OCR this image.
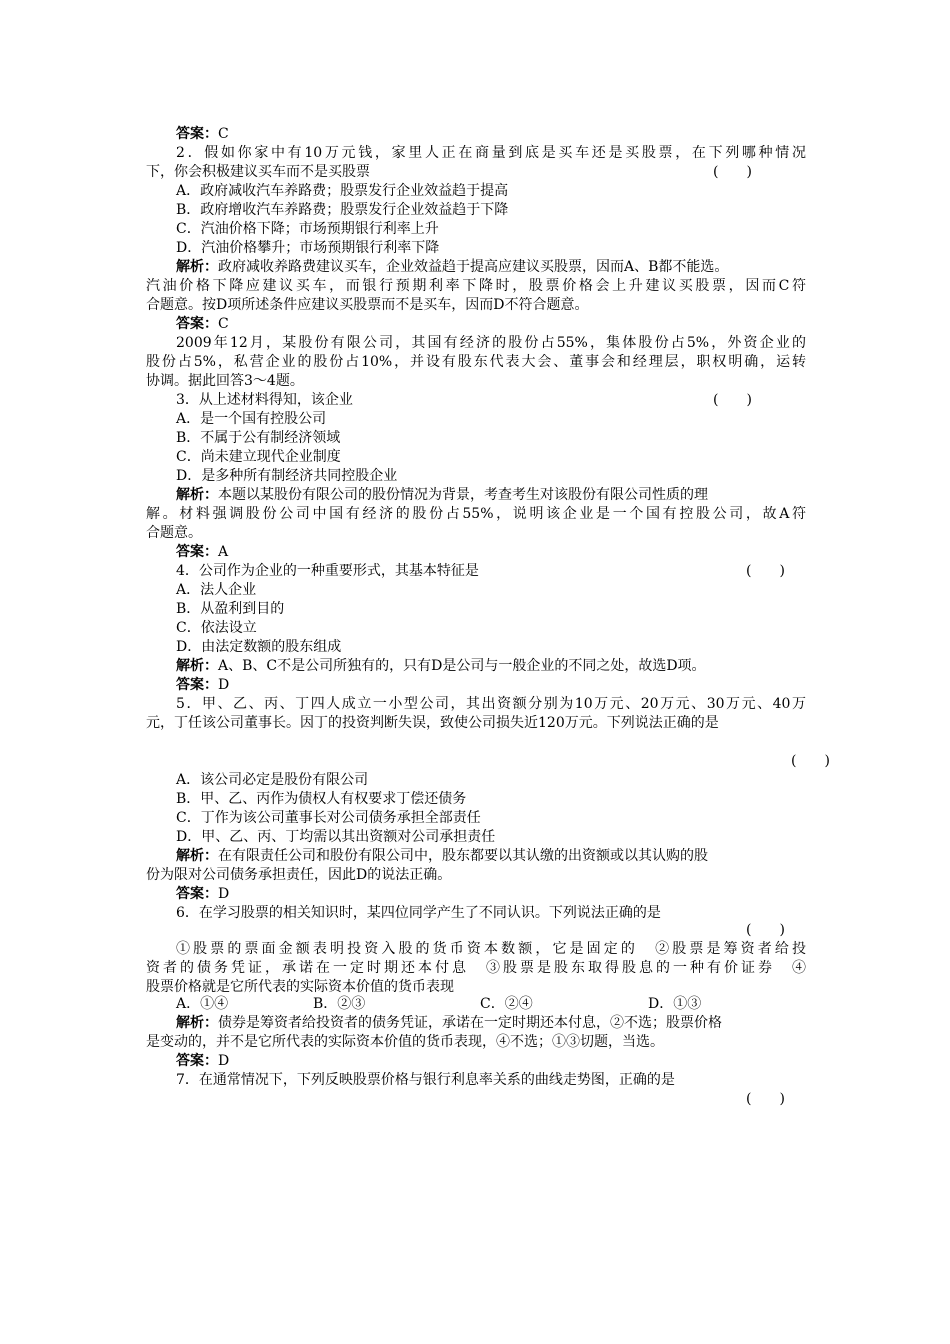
答案：C
2．假如你家中有10万元钱，家里人正在商量到底是买车还是买股票，在下列哪种情况
下，你会积极建议买车而不是买股票	(　　)
A．政府减收汽车养路费；股票发行企业效益趋于提高
B．政府增收汽车养路费；股票发行企业效益趋于下降
C．汽油价格下降；市场预期银行利率上升
D．汽油价格攀升；市场预期银行利率下降
解析：政府减收养路费建议买车，企业效益趋于提高应建议买股票，因而A、B都不能选。
汽油价格下降应建议买车，而银行预期利率下降时，股票价格会上升建议买股票，因而C符
合题意。按D项所述条件应建议买股票而不是买车，因而D不符合题意。
答案：C
2009年12月，某股份有限公司，其国有经济的股份占55%，集体股份占5%，外资企业的
股份占5%，私营企业的股份占10%，并设有股东代表大会、董事会和经理层，职权明确，运转
协调。据此回答3～4题。
3．从上述材料得知，该企业	(　　)
A．是一个国有控股公司
B．不属于公有制经济领域
C．尚未建立现代企业制度
D．是多种所有制经济共同控股企业
解析：本题以某股份有限公司的股份情况为背景，考查考生对该股份有限公司性质的理
解。材料强调股份公司中国有经济的股份占55%，说明该企业是一个国有控股公司，故A符
合题意。
答案：A
4．公司作为企业的一种重要形式，其基本特征是	(　　)
A．法人企业
B．从盈利到目的
C．依法设立
D．由法定数额的股东组成
解析：A、B、C不是公司所独有的，只有D是公司与一般企业的不同之处，故选D项。
答案：D
5．甲、乙、丙、丁四人成立一小型公司，其出资额分别为10万元、20万元、30万元、40万
元，丁任该公司董事长。因丁的投资判断失误，致使公司损失近120万元。下列说法正确的是
(　　)
A．该公司必定是股份有限公司
B．甲、乙、丙作为债权人有权要求丁偿还债务
C．丁作为该公司董事长对公司债务承担全部责任
D．甲、乙、丙、丁均需以其出资额对公司承担责任
解析：在有限责任公司和股份有限公司中，股东都要以其认缴的出资额或以其认购的股
份为限对公司债务承担责任，因此D的说法正确。
答案：D
6．在学习股票的相关知识时，某四位同学产生了不同认识。下列说法正确的是
(　　)
①股票的票面金额表明投资入股的货币资本数额，它是固定的　②股票是筹资者给投
资者的债务凭证，承诺在一定时期还本付息　③股票是股东取得股息的一种有价证券　④
股票价格就是它所代表的实际资本价值的货币表现
A．①④	B．②③	C．②④	D．①③
解析：债券是筹资者给投资者的债务凭证，承诺在一定时期还本付息，②不选；股票价格
是变动的，并不是它所代表的实际资本价值的货币表现，④不选；①③切题，当选。
答案：D
7．在通常情况下，下列反映股票价格与银行利息率关系的曲线走势图，正确的是
(　　)
